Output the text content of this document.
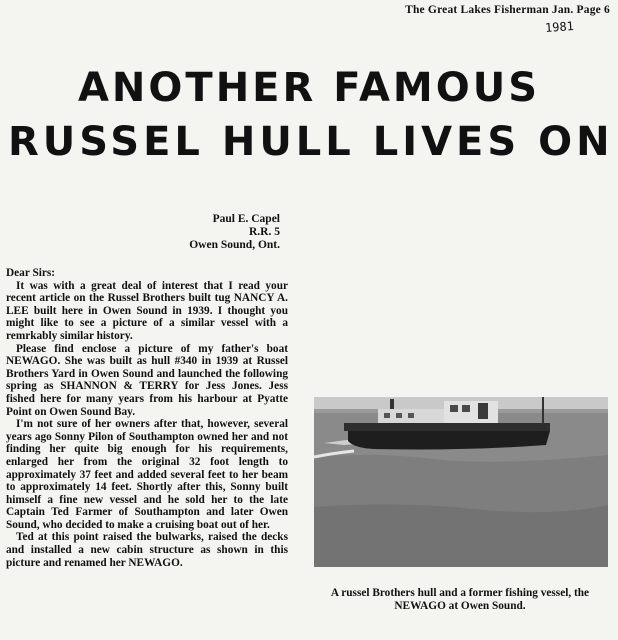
The Great Lakes Fisherman Jan. Page 6
1981
ANOTHER FAMOUS
RUSSEL HULL LIVES ON
Paul E. Capel
R.R. 5
Owen Sound, Ont.

Dear Sirs:

It was with a great deal of interest that I read your recent article on the Russel Brothers built tug NANCY A. LEE built here in Owen Sound in 1939. I thought you might like to see a picture of a similar vessel with a remrkably similar history.

Please find enclose a picture of my father's boat NEWAGO. She was built as hull #340 in 1939 at Russel Brothers Yard in Owen Sound and launched the following spring as SHANNON & TERRY for Jess Jones. Jess fished here for many years from his harbour at Pyatte Point on Owen Sound Bay.

I'm not sure of her owners after that, however, several years ago Sonny Pilon of Southampton owned her and not finding her quite big enough for his requirements, enlarged her from the original 32 foot length to approximately 37 feet and added several feet to her beam to approximately 14 feet. Shortly after this, Sonny built himself a fine new vessel and he sold her to the late Captain Ted Farmer of Southampton and later Owen Sound, who decided to make a cruising boat out of her.

Ted at this point raised the bulwarks, raised the decks and installed a new cabin structure as shown in this picture and renamed her NEWAGO.

A russel Brothers hull and a former fishing vessel, the NEWAGO at Owen Sound.
